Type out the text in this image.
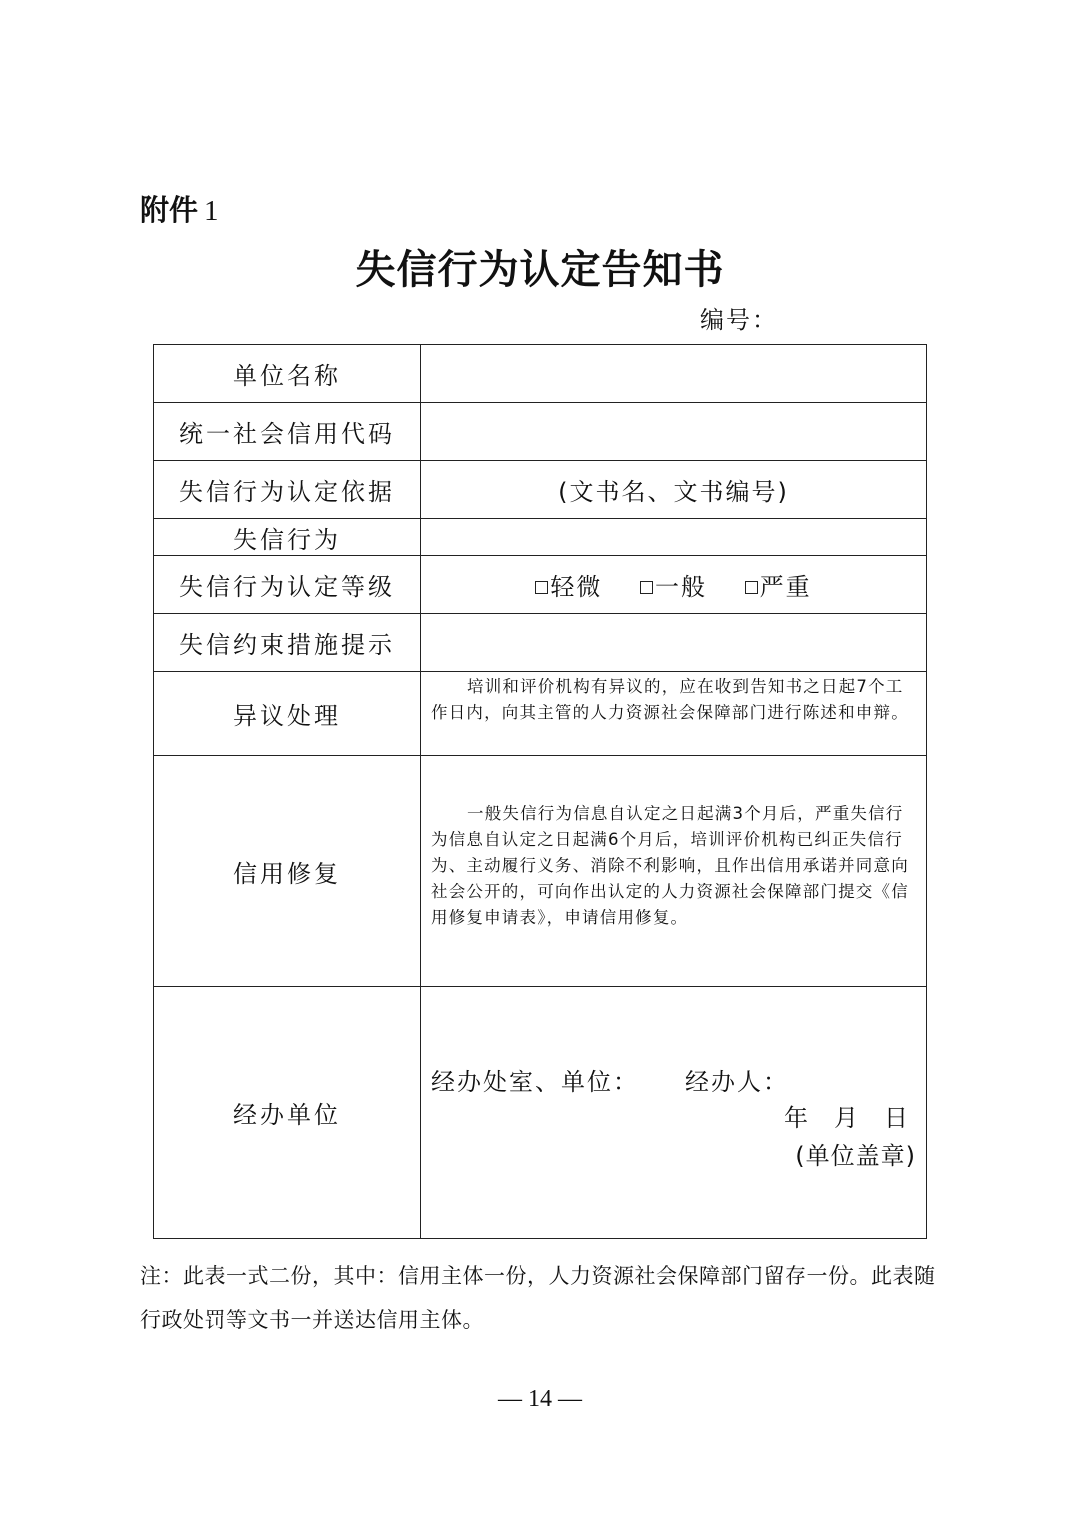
附件 1
失信行为认定告知书
编号：
单位名称	
统一社会信用代码	
失信行为认定依据	(文书名、文书编号)
失信行为	
失信行为认定等级	轻微 一般 严重
失信约束措施提示	
异议处理	培训和评价机构有异议的，应在收到告知书之日起7个工作日内，向其主管的人力资源社会保障部门进行陈述和申辩。

信用修复	一般失信行为信息自认定之日起满3个月后，严重失信行为信息自认定之日起满6个月后，培训评价机构已纠正失信行为、主动履行义务、消除不利影响，且作出信用承诺并同意向社会公开的，可向作出认定的人力资源社会保障部门提交《信用修复申请表》，申请信用修复。

经办单位	经办处室、单位： 经办人：
年 月 日
(单位盖章)
注：此表一式二份，其中：信用主体一份，人力资源社会保障部门留存一份。此表随行政处罚等文书一并送达信用主体。
— 14 —
